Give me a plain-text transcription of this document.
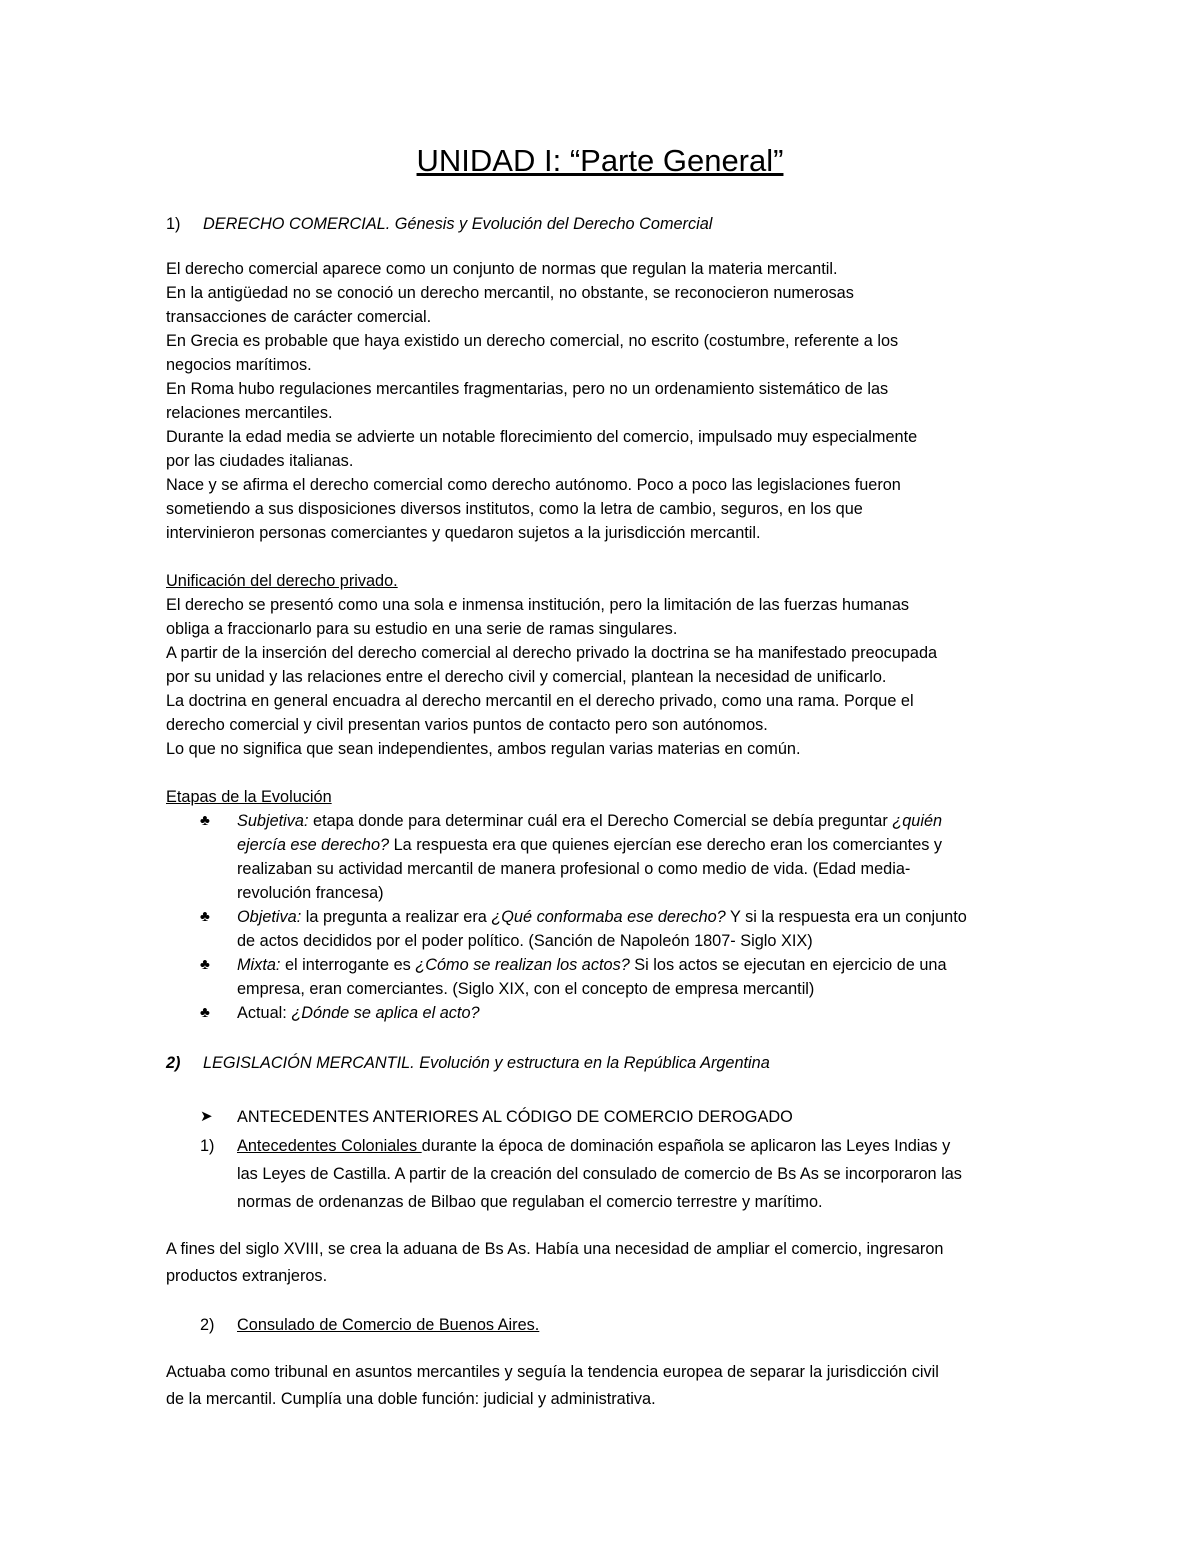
UNIDAD I: “Parte General”
1) DERECHO COMERCIAL. Génesis y Evolución del Derecho Comercial
El derecho comercial aparece como un conjunto de normas que regulan la materia mercantil.
En la antigüedad no se conoció un derecho mercantil, no obstante, se reconocieron numerosas
transacciones de carácter comercial.
En Grecia es probable que haya existido un derecho comercial, no escrito (costumbre, referente a los
negocios marítimos.
En Roma hubo regulaciones mercantiles fragmentarias, pero no un ordenamiento sistemático de las
relaciones mercantiles.
Durante la edad media se advierte un notable florecimiento del comercio, impulsado muy especialmente
por las ciudades italianas.
Nace y se afirma el derecho comercial como derecho autónomo. Poco a poco las legislaciones fueron
sometiendo a sus disposiciones diversos institutos, como la letra de cambio, seguros, en los que
intervinieron personas comerciantes y quedaron sujetos a la jurisdicción mercantil.
Unificación del derecho privado.
El derecho se presentó como una sola e inmensa institución, pero la limitación de las fuerzas humanas
obliga a fraccionarlo para su estudio en una serie de ramas singulares.
A partir de la inserción del derecho comercial al derecho privado la doctrina se ha manifestado preocupada
por su unidad y las relaciones entre el derecho civil y comercial, plantean la necesidad de unificarlo.
La doctrina en general encuadra al derecho mercantil en el derecho privado, como una rama. Porque el
derecho comercial y civil presentan varios puntos de contacto pero son autónomos.
Lo que no significa que sean independientes, ambos regulan varias materias en común.
Etapas de la Evolución
♣	Subjetiva: etapa donde para determinar cuál era el Derecho Comercial se debía preguntar ¿quién
ejercía ese derecho? La respuesta era que quienes ejercían ese derecho eran los comerciantes y
realizaban su actividad mercantil de manera profesional o como medio de vida. (Edad media-
revolución francesa)
♣	Objetiva: la pregunta a realizar era ¿Qué conformaba ese derecho? Y si la respuesta era un conjunto
de actos decididos por el poder político. (Sanción de Napoleón 1807- Siglo XIX)
♣	Mixta: el interrogante es ¿Cómo se realizan los actos? Si los actos se ejecutan en ejercicio de una
empresa, eran comerciantes. (Siglo XIX, con el concepto de empresa mercantil)
♣	Actual: ¿Dónde se aplica el acto?
2) LEGISLACIÓN MERCANTIL. Evolución y estructura en la República Argentina
➤	ANTECEDENTES ANTERIORES AL CÓDIGO DE COMERCIO DEROGADO
1) Antecedentes Coloniales durante la época de dominación española se aplicaron las Leyes Indias y
las Leyes de Castilla. A partir de la creación del consulado de comercio de Bs As se incorporaron las
normas de ordenanzas de Bilbao que regulaban el comercio terrestre y marítimo.
A fines del siglo XVIII, se crea la aduana de Bs As. Había una necesidad de ampliar el comercio, ingresaron
productos extranjeros.
2) Consulado de Comercio de Buenos Aires.
Actuaba como tribunal en asuntos mercantiles y seguía la tendencia europea de separar la jurisdicción civil
de la mercantil. Cumplía una doble función: judicial y administrativa.
